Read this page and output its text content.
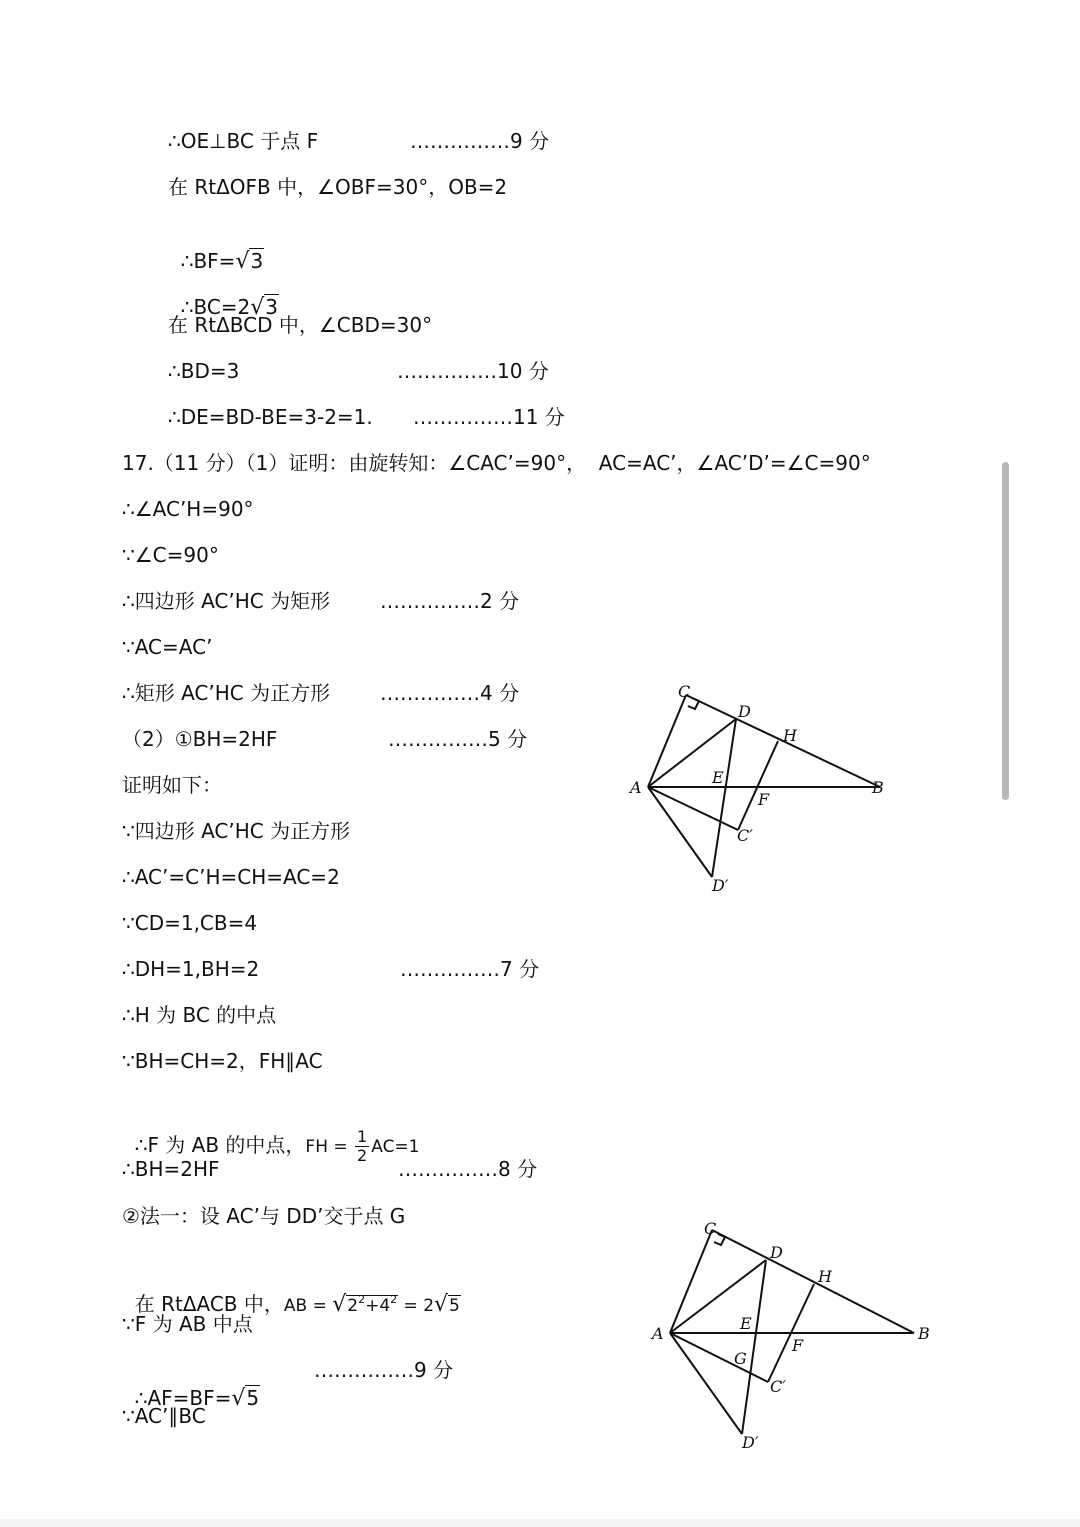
∴OE⊥BC 于点 F	……………9 分
在 RtΔOFB 中，∠OBF=30°，OB=2

∴BF=√3

∴BC=2√3

在 RtΔBCD 中，∠CBD=30°
∴BD=3	……………10 分
∴DE=BD-BE=3-2=1. ……………11 分
17.（11 分）（1）证明：由旋转知：∠CAC’=90°，  AC=AC’，∠AC’D’=∠C=90°
∴∠AC’H=90°
∵∠C=90°
∴四边形 AC’HC 为矩形 ……………2 分
∵AC=AC’
∴矩形 AC’HC 为正方形 ……………4 分
（2）①BH=2HF	……………5 分
证明如下：
∵四边形 AC’HC 为正方形
∴AC’=C’H=CH=AC=2
∵CD=1,CB=4
∴DH=1,BH=2	……………7 分
∴H 为 BC 的中点
∵BH=CH=2，FH∥AC

∴F 为 AB 的中点，FH = $\frac{1}{2} AC=1$

∴BH=2HF	……………8 分
②法一：设 AC’与 DD’交于点 G

在 RtΔACB 中，AB = $√2^2+4^2 = 2√5$

∵F 为 AB 中点

∴AF=BF=√5

……………9 分
∵AC’∥BC
C
D
H
A
E
F
B
C′
D′
C
D
H
A
E
B
G
F
C′
D′
